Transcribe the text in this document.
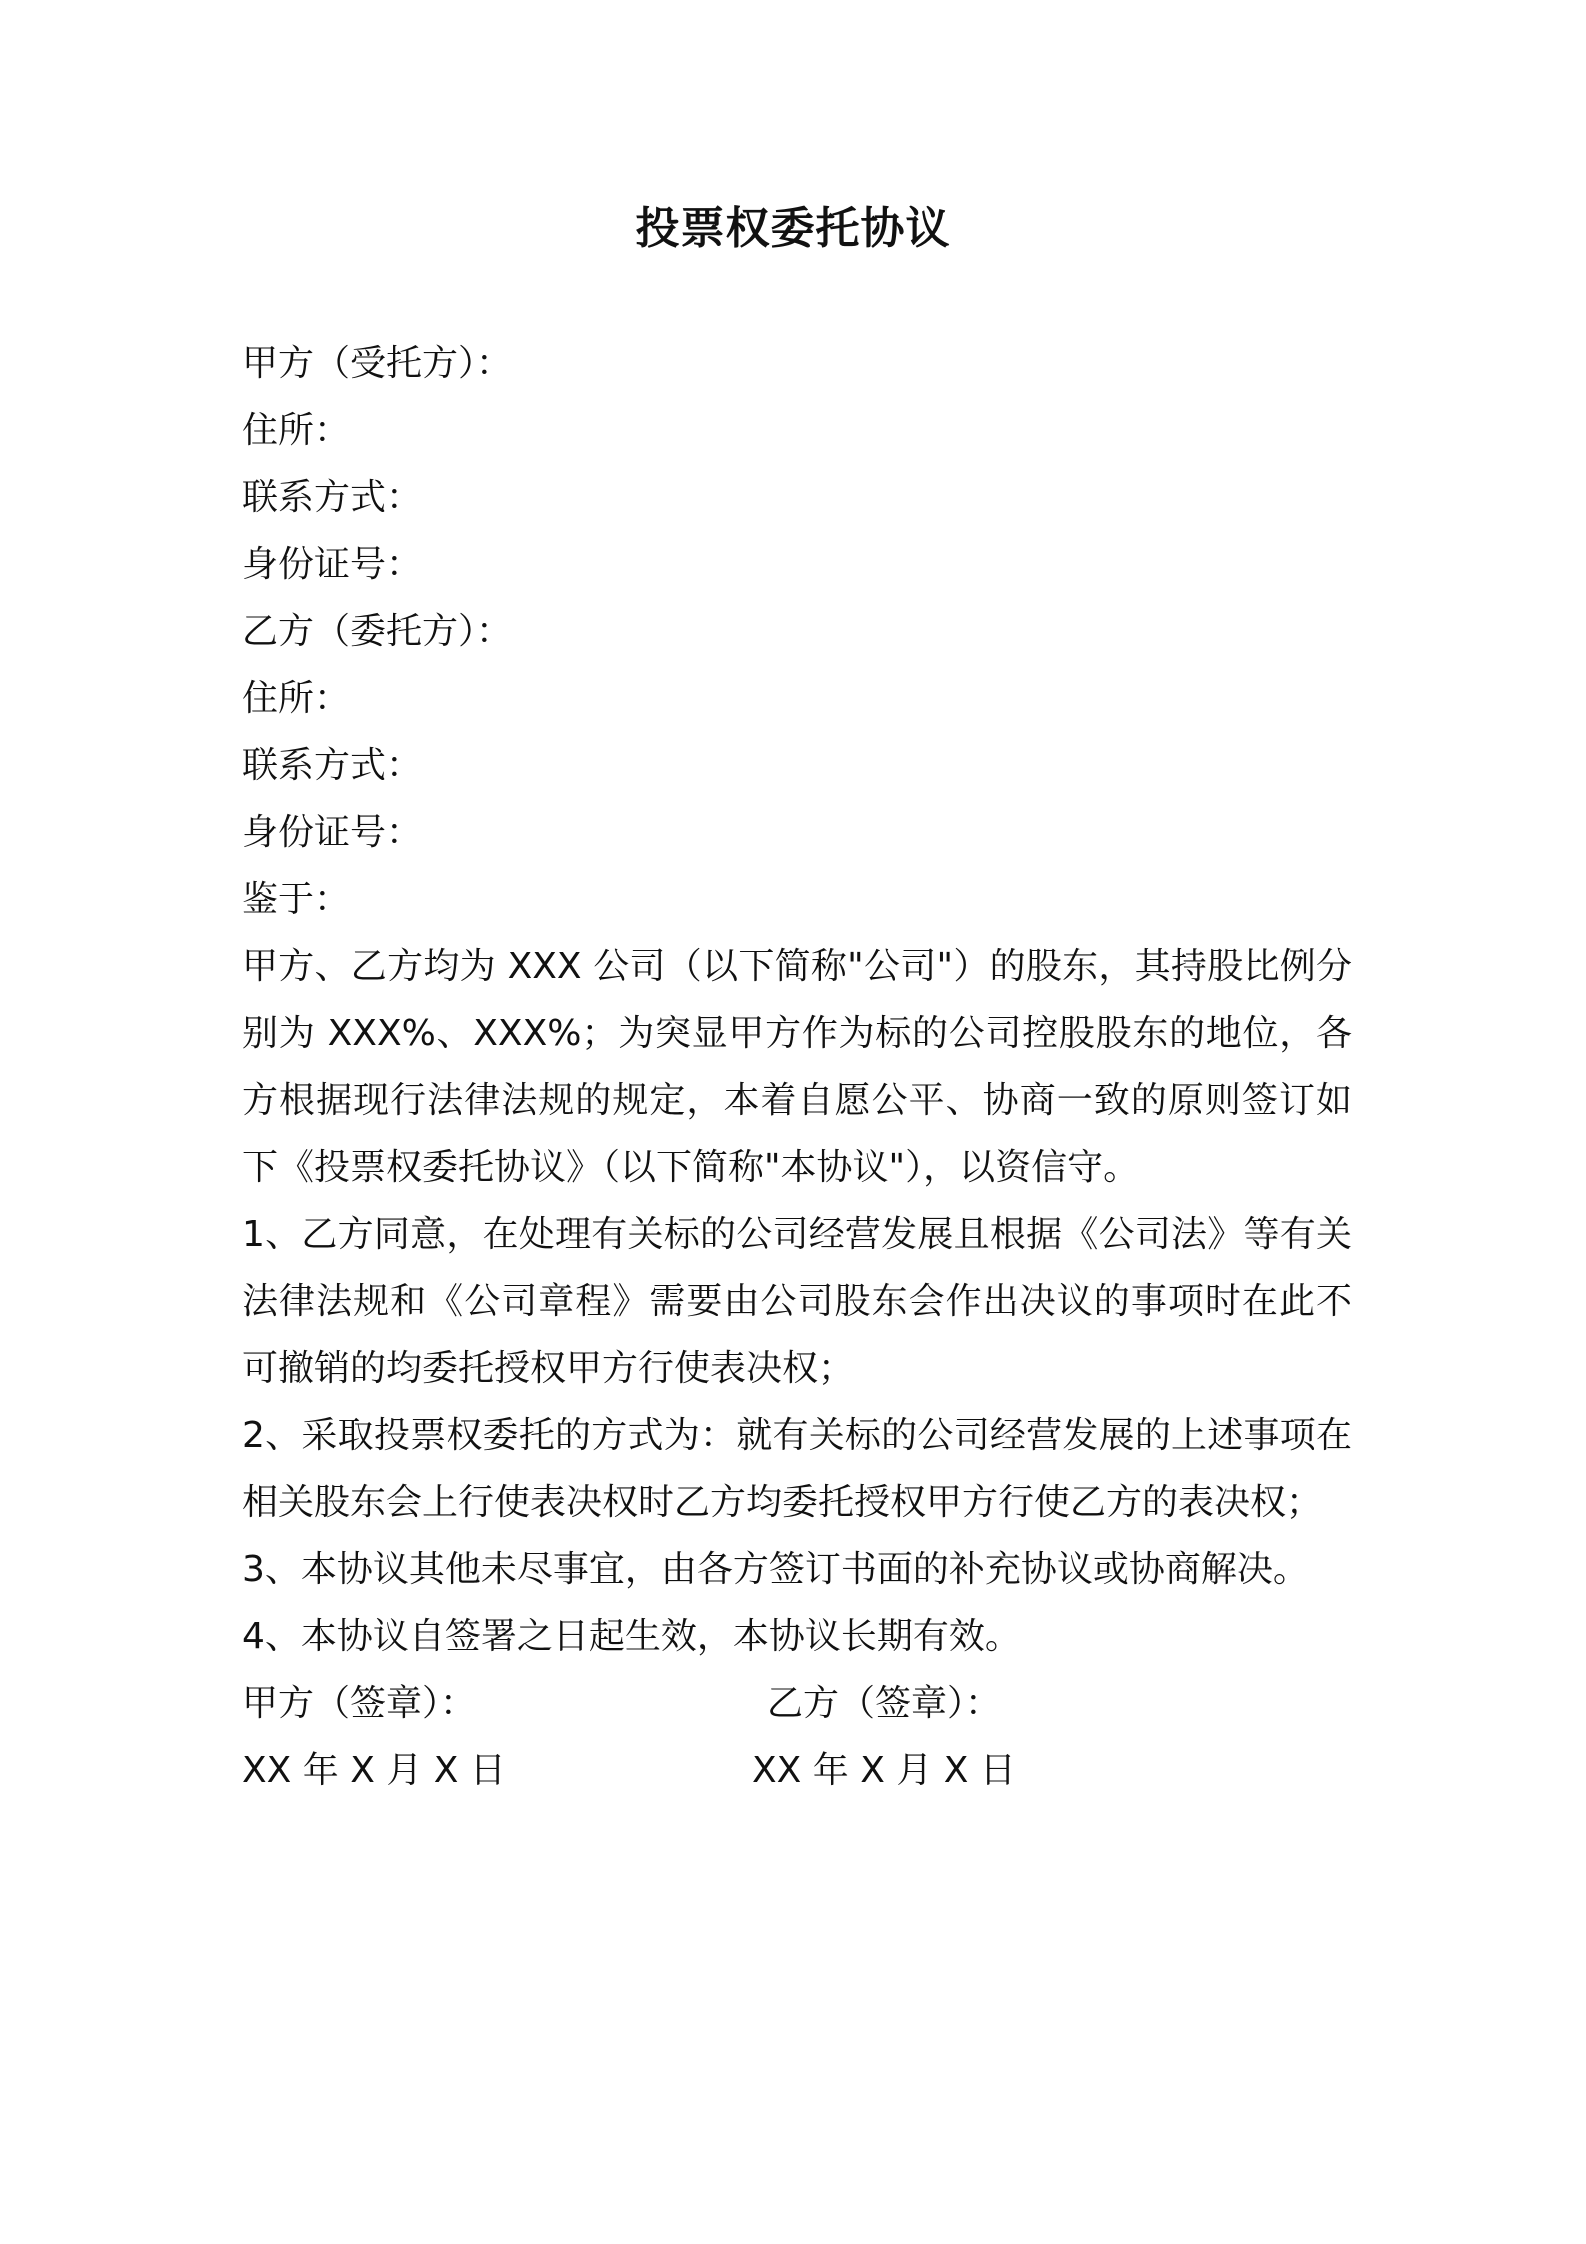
投票权委托协议
甲方（受托方）：
住所：
联系方式：
身份证号：
乙方（委托方）：
住所：
联系方式：
身份证号：
鉴于：
甲方、乙方均为 XXX 公司（以下简称"公司"）的股东，其持股比例分别为 XXX%、XXX%；为突显甲方作为标的公司控股股东的地位，各方根据现行法律法规的规定，本着自愿公平、协商一致的原则签订如下《投票权委托协议》（以下简称"本协议"），以资信守。
1、乙方同意，在处理有关标的公司经营发展且根据《公司法》等有关法律法规和《公司章程》需要由公司股东会作出决议的事项时在此不可撤销的均委托授权甲方行使表决权；
2、采取投票权委托的方式为：就有关标的公司经营发展的上述事项在相关股东会上行使表决权时乙方均委托授权甲方行使乙方的表决权；
3、本协议其他未尽事宜，由各方签订书面的补充协议或协商解决。
4、本协议自签署之日起生效，本协议长期有效。
甲方（签章）：	乙方（签章）：
XX 年 X 月 X 日	XX 年 X 月 X 日
